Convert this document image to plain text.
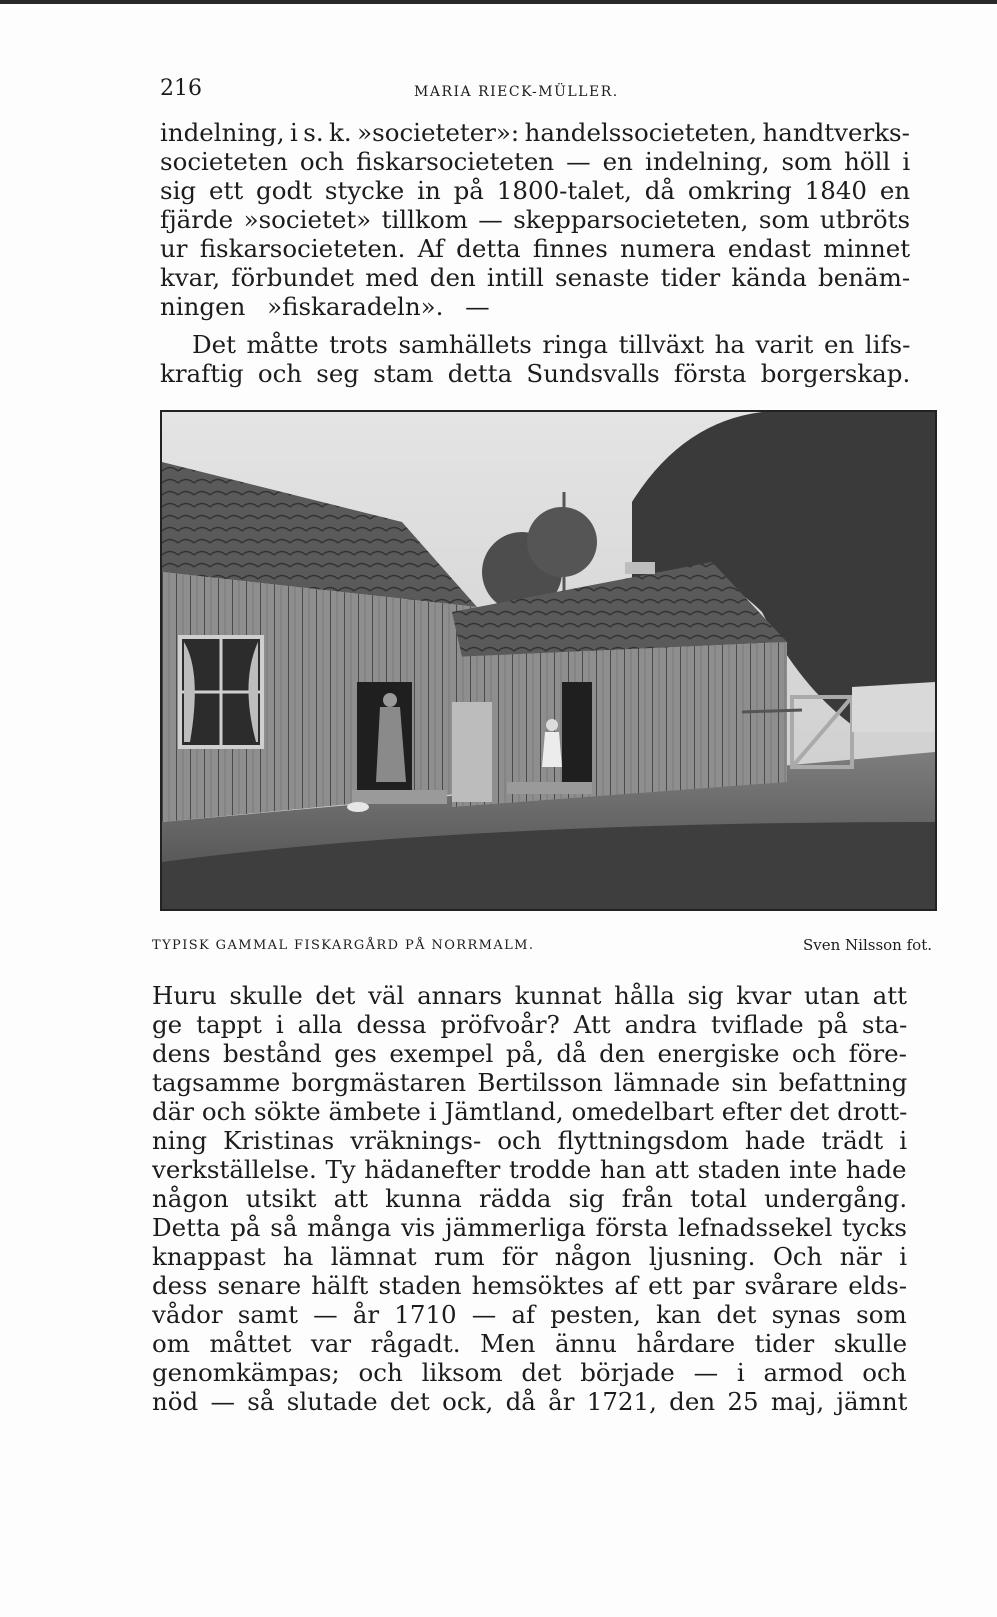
216	MARIA RIECK-MÜLLER.
indelning, i s. k. »societeter»: handelssocieteten, handtverks-
societeten och fiskarsocieteten — en indelning, som höll i
sig ett godt stycke in på 1800-talet, då omkring 1840 en
fjärde »societet» tillkom — skepparsocieteten, som utbröts
ur fiskarsocieteten. Af detta finnes numera endast minnet
kvar, förbundet med den intill senaste tider kända benäm-
ningen »fiskaradeln». —
Det måtte trots samhällets ringa tillväxt ha varit en lifs-
kraftig och seg stam detta Sundsvalls första borgerskap.
TYPISK GAMMAL FISKARGÅRD PÅ NORRMALM.	Sven Nilsson fot.
Huru skulle det väl annars kunnat hålla sig kvar utan att
ge tappt i alla dessa pröfvoår? Att andra tviflade på sta-
dens bestånd ges exempel på, då den energiske och före-
tagsamme borgmästaren Bertilsson lämnade sin befattning
där och sökte ämbete i Jämtland, omedelbart efter det drott-
ning Kristinas vräknings- och flyttningsdom hade trädt i
verkställelse. Ty hädanefter trodde han att staden inte hade
någon utsikt att kunna rädda sig från total undergång.
Detta på så många vis jämmerliga första lefnadssekel tycks
knappast ha lämnat rum för någon ljusning. Och när i
dess senare hälft staden hemsöktes af ett par svårare elds-
vådor samt — år 1710 — af pesten, kan det synas som
om måttet var rågadt. Men ännu hårdare tider skulle
genomkämpas; och liksom det började — i armod och
nöd — så slutade det ock, då år 1721, den 25 maj, jämnt
